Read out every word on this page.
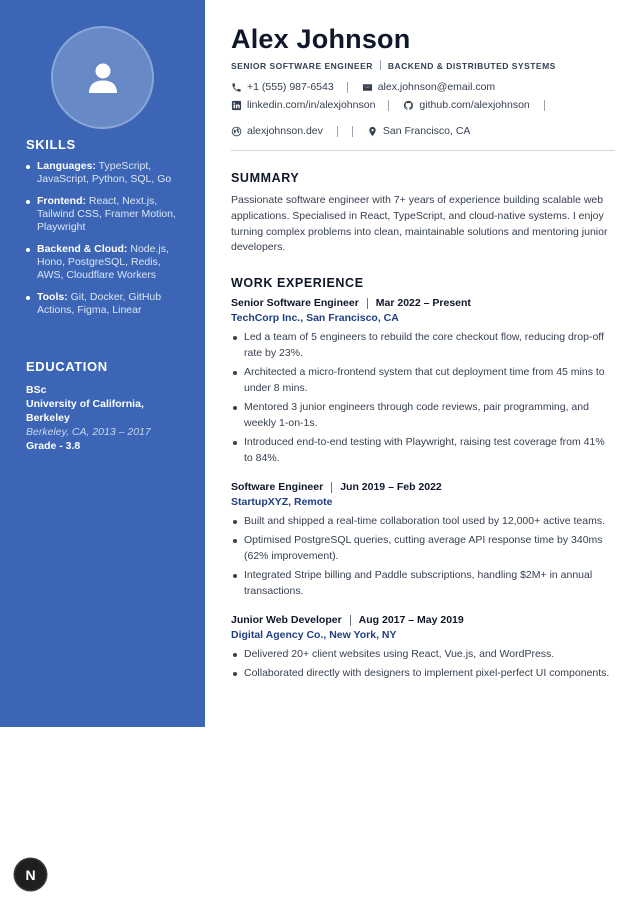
SKILLS
Languages: TypeScript, JavaScript, Python, SQL, Go
Frontend: React, Next.js, Tailwind CSS, Framer Motion, Playwright
Backend & Cloud: Node.js, Hono, PostgreSQL, Redis, AWS, Cloudflare Workers
Tools: Git, Docker, GitHub Actions, Figma, Linear
EDUCATION
BSc
University of California, Berkeley
Berkeley, CA, 2013 – 2017
Grade - 3.8
Alex Johnson
SENIOR SOFTWARE ENGINEER BACKEND & DISTRIBUTED SYSTEMS
+1 (555) 987-6543	alex.johnson@email.com
linkedin.com/in/alexjohnson	github.com/alexjohnson
alexjohnson.dev	San Francisco, CA
SUMMARY

Passionate software engineer with 7+ years of experience building scalable web applications. Specialised in React, TypeScript, and cloud-native systems. I enjoy turning complex problems into clean, maintainable solutions and mentoring junior developers.

WORK EXPERIENCE
Senior Software Engineer Mar 2022 – Present
TechCorp Inc., San Francisco, CA
Led a team of 5 engineers to rebuild the core checkout flow, reducing drop-off rate by 23%.
Architected a micro-frontend system that cut deployment time from 45 mins to under 8 mins.
Mentored 3 junior engineers through code reviews, pair programming, and weekly 1-on-1s.
Introduced end-to-end testing with Playwright, raising test coverage from 41% to 84%.
Software Engineer Jun 2019 – Feb 2022
StartupXYZ, Remote
Built and shipped a real-time collaboration tool used by 12,000+ active teams.
Optimised PostgreSQL queries, cutting average API response time by 340ms (62% improvement).
Integrated Stripe billing and Paddle subscriptions, handling $2M+ in annual transactions.
Junior Web Developer Aug 2017 – May 2019
Digital Agency Co., New York, NY
Delivered 20+ client websites using React, Vue.js, and WordPress.
Collaborated directly with designers to implement pixel-perfect UI components.
N
